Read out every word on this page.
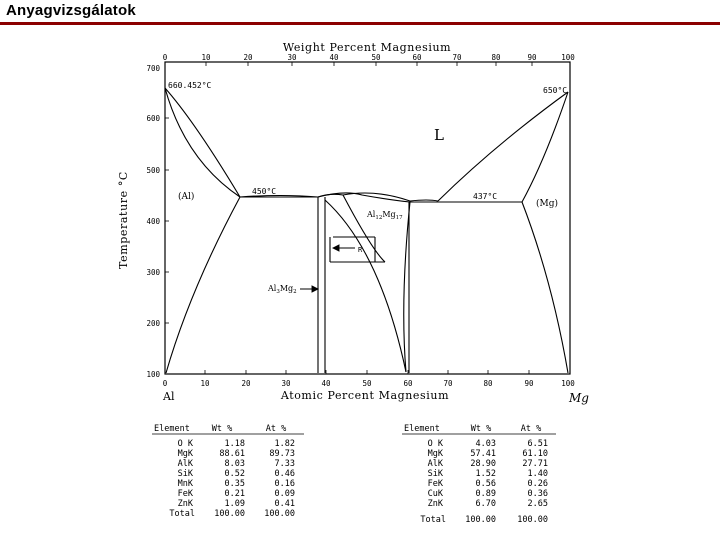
Anyagvizsgálatok
Weight Percent Magnesium
0	10	20	30	40	50	60	70	80	90	100
700
600
500
400
300
200
100
Temperature °C
0	10	20	30	40	50	60	70	80	90	100
Atomic Percent Magnesium
Al	Mg
660.452°C
650°C
L
(Al)
(Mg)
450°C
437°C
R
$Al_{12}Mg_{17}$
$Al_3Mg_2$
Element	Wt %	At %
O K	1.18	1.82
MgK	88.61	89.73
AlK	8.03	7.33
SiK	0.52	0.46
MnK	0.35	0.16
FeK	0.21	0.09
ZnK	1.09	0.41
Total 100.00 100.00
Element	Wt %	At %
O K	4.03	6.51
MgK	57.41	61.10
AlK	28.90	27.71
SiK	1.52	1.40
FeK	0.56	0.26
CuK	0.89	0.36
ZnK	6.70	2.65
Total 100.00	100.00
